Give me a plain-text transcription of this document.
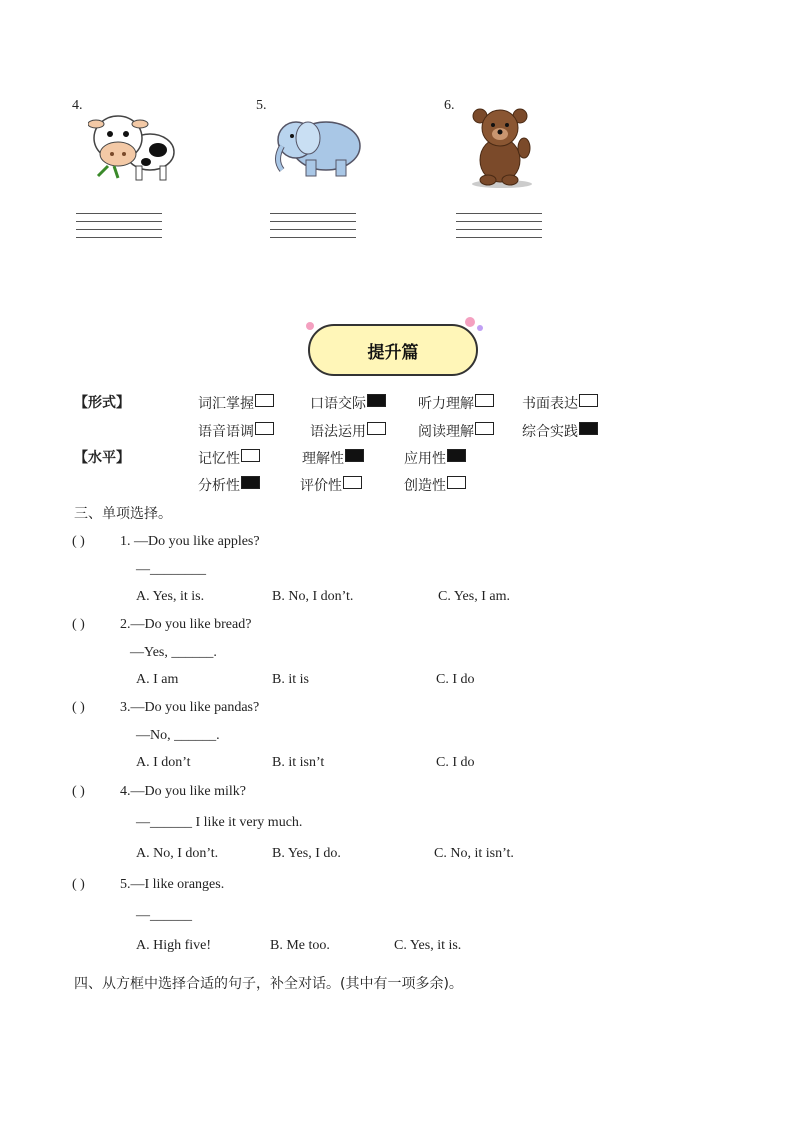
4.	5.	6.
提升篇
【形式】	词汇掌握	口语交际	听力理解	书面表达
语音语调	语法运用	阅读理解	综合实践
【水平】	记忆性	理解性	应用性
分析性	评价性	创造性
三、单项选择。
( )	1. —Do you like apples?
—________
A. Yes, it is.	B. No, I don’t.	C. Yes, I am.
( )	2.—Do you like bread?
—Yes, ______.
A. I am	B. it is	C. I do
( )	3.—Do you like pandas?
—No, ______.
A. I don’t	B. it isn’t	C. I do
( )	4.—Do you like milk?
—______ I like it very much.
A. No, I don’t.	B. Yes, I do.	C. No, it isn’t.
( )	5.—I like oranges.
—______
A. High five!	B. Me too.	C. Yes, it is.
四、从方框中选择合适的句子，补全对话。(其中有一项多余)。
